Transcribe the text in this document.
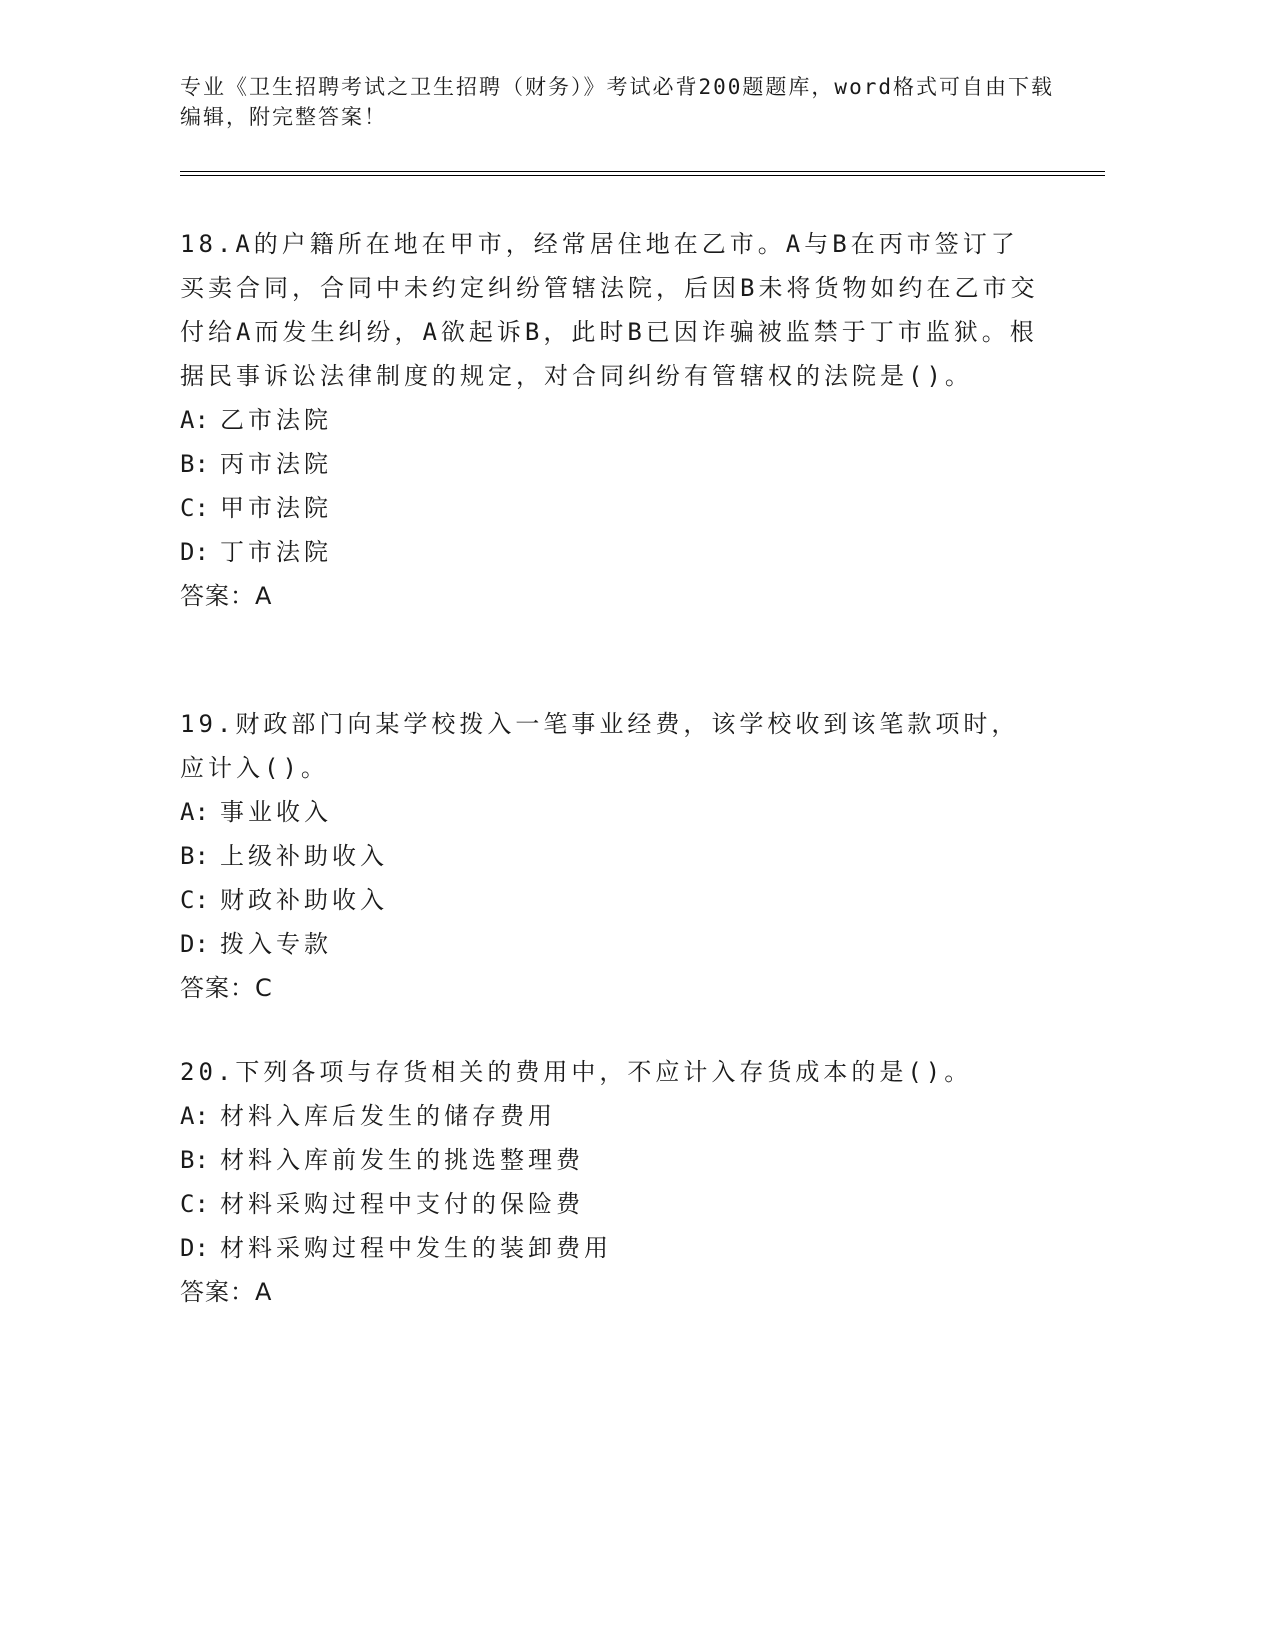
专业《卫生招聘考试之卫生招聘（财务）》考试必背200题题库，word格式可自由下载编辑，附完整答案！

18.A的户籍所在地在甲市，经常居住地在乙市。A与B在丙市签订了买卖合同，合同中未约定纠纷管辖法院，后因B未将货物如约在乙市交付给A而发生纠纷，A欲起诉B，此时B已因诈骗被监禁于丁市监狱。根据民事诉讼法律制度的规定，对合同纠纷有管辖权的法院是()。

A: 乙市法院

B: 丙市法院

C: 甲市法院

D: 丁市法院

答案：A

19.财政部门向某学校拨入一笔事业经费，该学校收到该笔款项时，应计入()。

A: 事业收入

B: 上级补助收入

C: 财政补助收入

D: 拨入专款

答案：C

20.下列各项与存货相关的费用中，不应计入存货成本的是()。

A: 材料入库后发生的储存费用

B: 材料入库前发生的挑选整理费

C: 材料采购过程中支付的保险费

D: 材料采购过程中发生的装卸费用

答案：A
